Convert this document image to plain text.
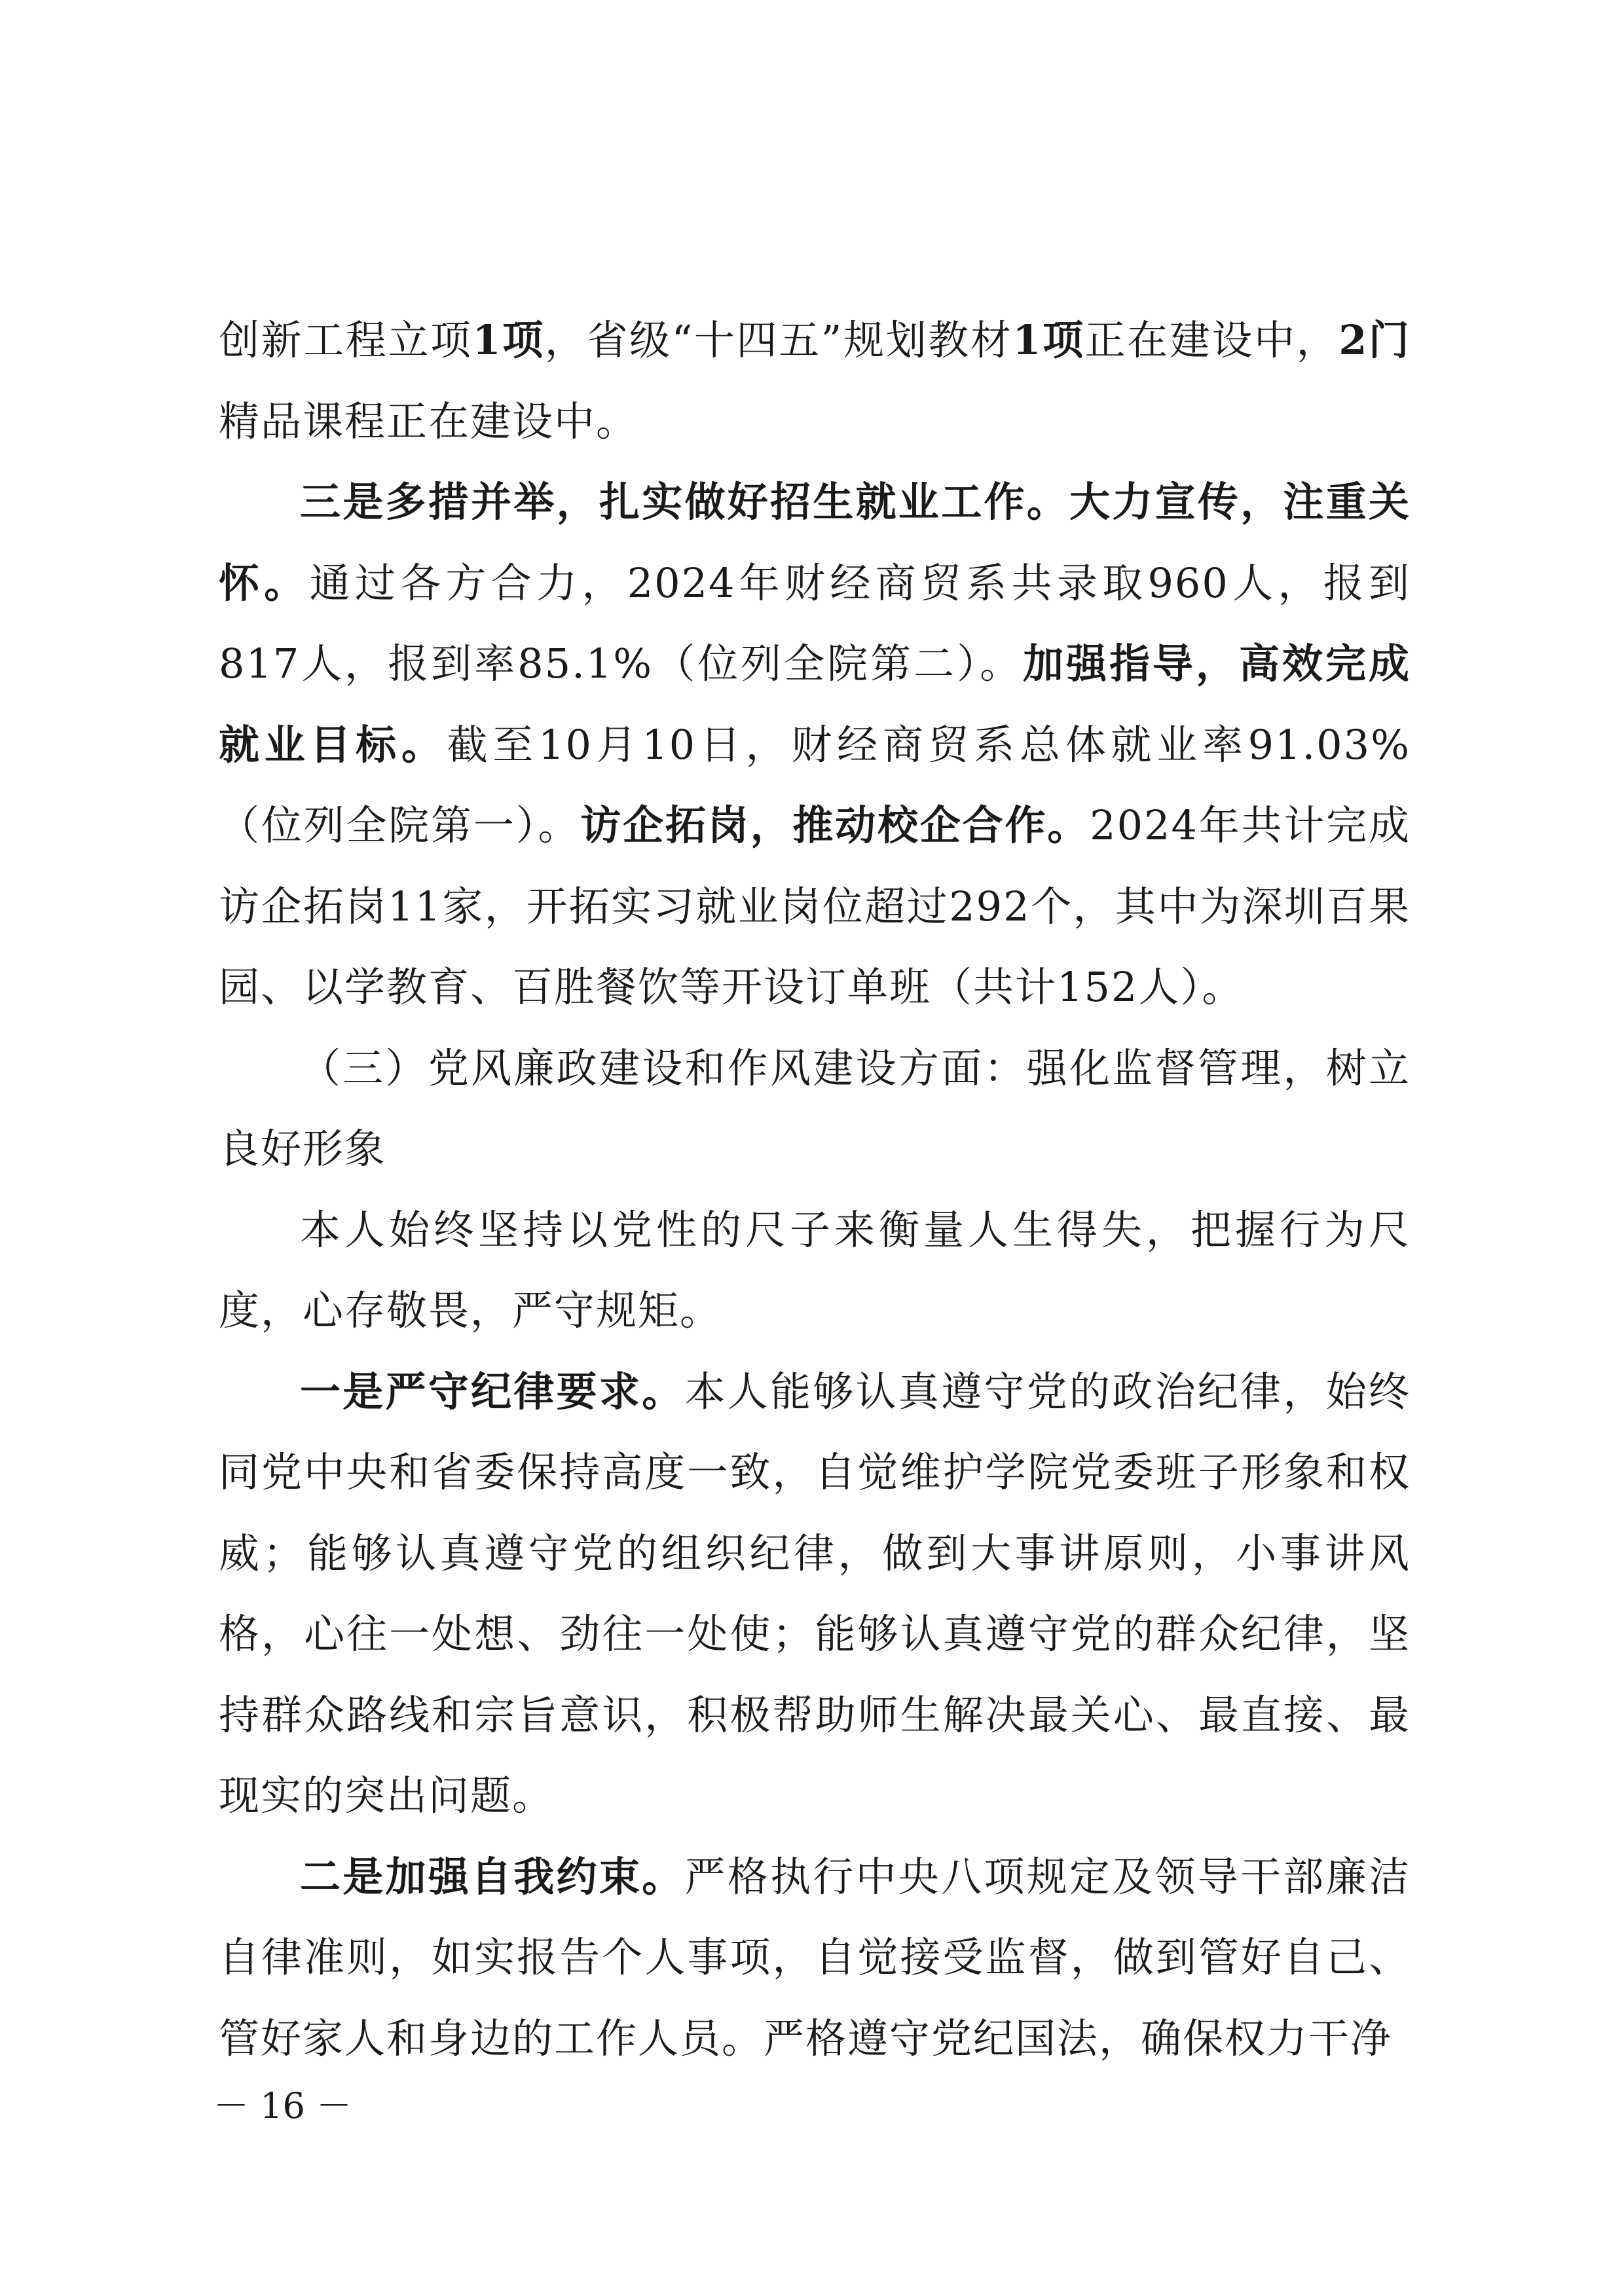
创新工程立项1项，省级“十四五”规划教材1项正在建设中，2门精品课程正在建设中。

三是多措并举，扎实做好招生就业工作。大力宣传，注重关怀。通过各方合力，2024年财经商贸系共录取960人，报到817人，报到率85.1%（位列全院第二）。加强指导，高效完成就业目标。截至10月10日，财经商贸系总体就业率91.03%（位列全院第一）。访企拓岗，推动校企合作。2024年共计完成访企拓岗11家，开拓实习就业岗位超过292个，其中为深圳百果园、以学教育、百胜餐饮等开设订单班（共计152人）。

（三）党风廉政建设和作风建设方面：强化监督管理，树立良好形象

本人始终坚持以党性的尺子来衡量人生得失，把握行为尺度，心存敬畏，严守规矩。

一是严守纪律要求。本人能够认真遵守党的政治纪律，始终同党中央和省委保持高度一致，自觉维护学院党委班子形象和权威；能够认真遵守党的组织纪律，做到大事讲原则，小事讲风格，心往一处想、劲往一处使；能够认真遵守党的群众纪律，坚持群众路线和宗旨意识，积极帮助师生解决最关心、最直接、最现实的突出问题。

二是加强自我约束。严格执行中央八项规定及领导干部廉洁自律准则，如实报告个人事项，自觉接受监督，做到管好自己、管好家人和身边的工作人员。严格遵守党纪国法，确保权力干净

－ 16 －
